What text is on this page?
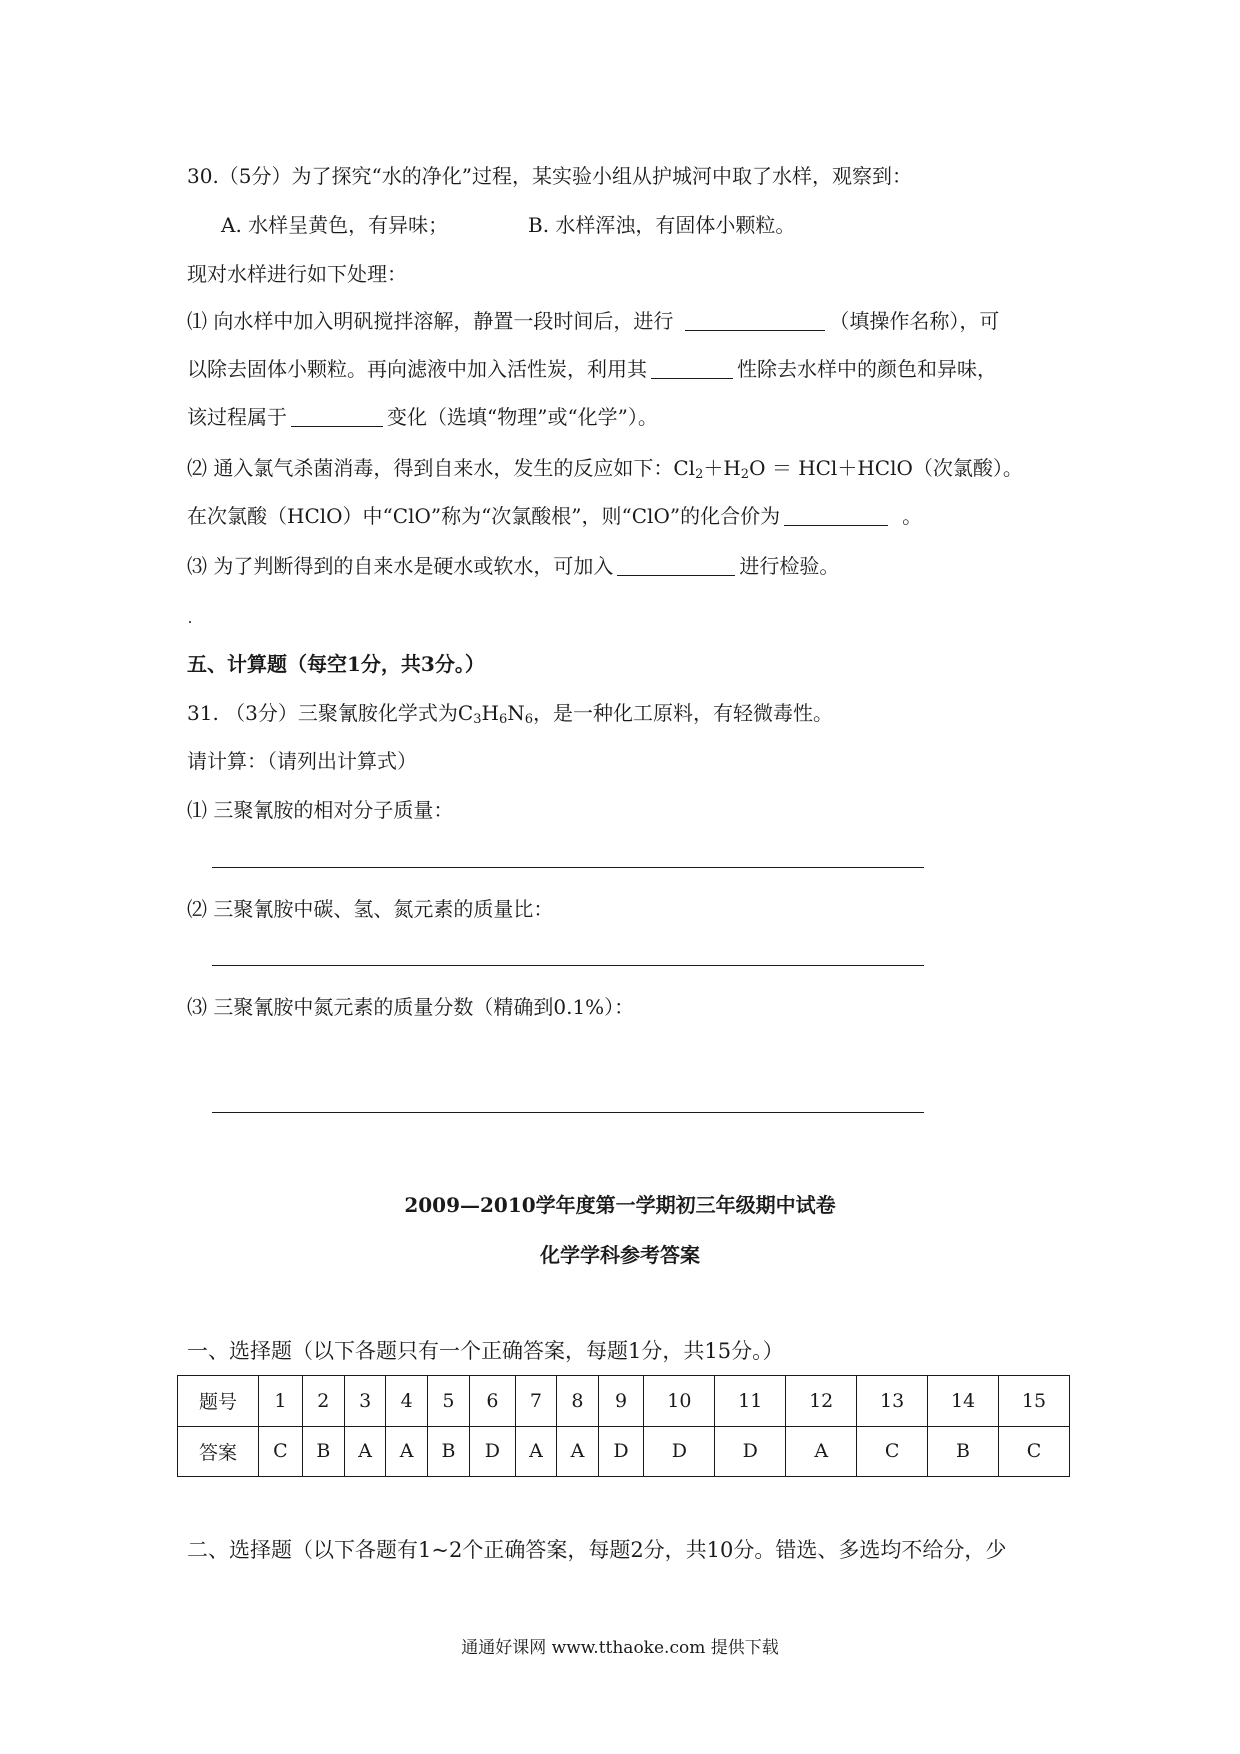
30.（5分）为了探究“水的净化”过程，某实验小组从护城河中取了水样，观察到：
A. 水样呈黄色，有异味；	B. 水样浑浊，有固体小颗粒。
现对水样进行如下处理：
⑴ 向水样中加入明矾搅拌溶解，静置一段时间后，进行	（填操作名称），可
以除去固体小颗粒。再向滤液中加入活性炭，利用其	性除去水样中的颜色和异味，
该过程属于	变化（选填“物理”或“化学”）。
⑵ 通入氯气杀菌消毒，得到自来水，发生的反应如下：$Cl_2+H_2O$ ＝ HCl＋HClO（次氯酸）。
在次氯酸（HClO）中“ClO”称为“次氯酸根”，则“ClO”的化合价为	。
⑶ 为了判断得到的自来水是硬水或软水，可加入	进行检验。
五、计算题（每空1分，共3分。）
31. （3分）三聚氰胺化学式为$C_3H_6N_6$，是一种化工原料，有轻微毒性。
请计算：（请列出计算式）
⑴ 三聚氰胺的相对分子质量：
⑵ 三聚氰胺中碳、氢、氮元素的质量比：
⑶ 三聚氰胺中氮元素的质量分数（精确到0.1%）：
2009—2010学年度第一学期初三年级期中试卷
化学学科参考答案
一、选择题（以下各题只有一个正确答案，每题1分，共15分。）
题号	1	2	3	4	5	6	7	8	9	10	11	12	13	14	15
答案	C	B	A	A	B	D	A	A	D	D	D	A	C	B	C
二、选择题（以下各题有1~2个正确答案，每题2分，共10分。错选、多选均不给分，少
通通好课网 www.tthaoke.com 提供下载
